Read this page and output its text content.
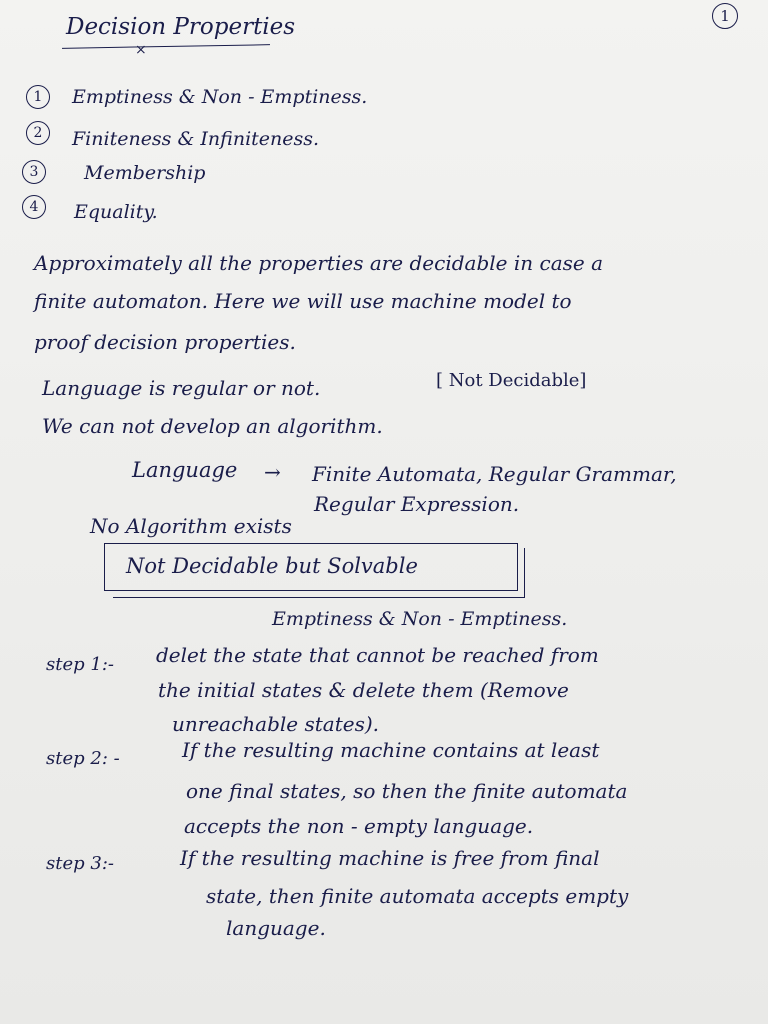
1
Decision Properties
×
1	Emptiness & Non - Emptiness.
2	Finiteness & Infiniteness.
3	Membership
4	Equality.
Approximately all the properties are decidable in case a
finite automaton. Here we will use machine model to
proof decision properties.
Language is regular or not.	[ Not Decidable]
We can not develop an algorithm.
Language → Finite Automata, Regular Grammar,
Regular Expression.
No Algorithm exists
Not Decidable but Solvable
Emptiness & Non - Emptiness.
step 1:- delet the state that cannot be reached from
the initial states & delete them (Remove
unreachable states).
step 2: -	If the resulting machine contains at least
one final states, so then the finite automata
accepts the non - empty language.
step 3:-	If the resulting machine is free from final
state, then finite automata accepts empty
language.
